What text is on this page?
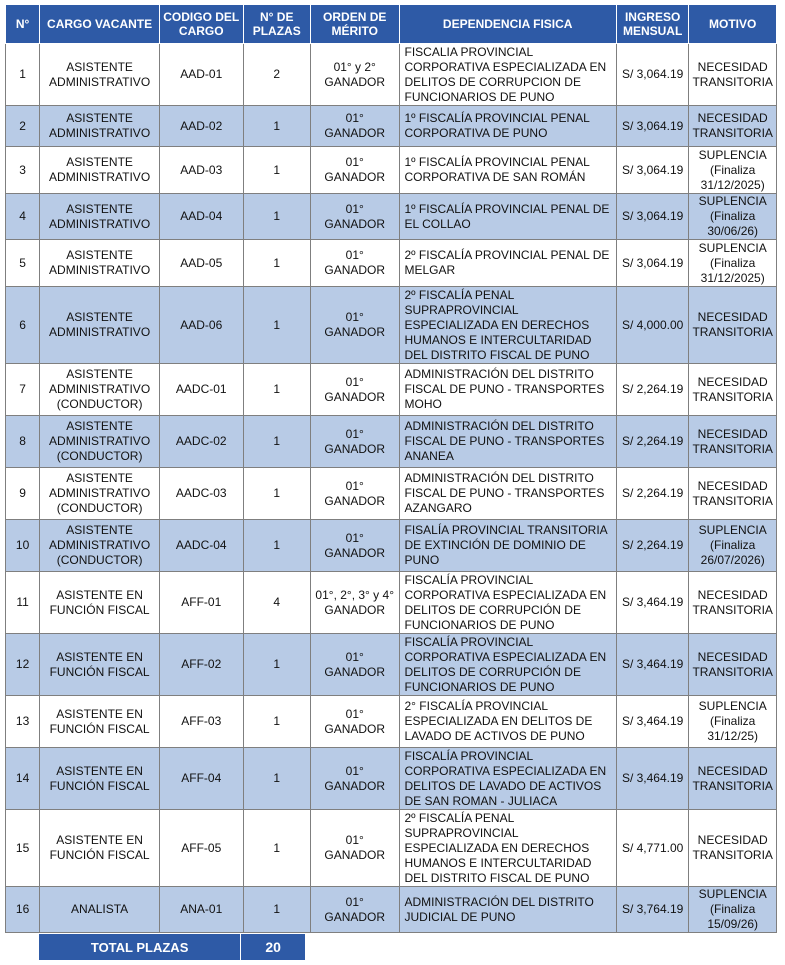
N°	CARGO VACANTE	CODIGO DEL CARGO	N° DE PLAZAS	ORDEN DE MÉRITO	DEPENDENCIA FISICA	INGRESO MENSUAL	MOTIVO
1	ASISTENTE ADMINISTRATIVO	AAD-01	2	01° y 2° GANADOR	FISCALIA PROVINCIAL CORPORATIVA ESPECIALIZADA EN DELITOS DE CORRUPCION DE FUNCIONARIOS DE PUNO	S/ 3,064.19	NECESIDAD TRANSITORIA
2	ASISTENTE ADMINISTRATIVO	AAD-02	1	01° GANADOR	1º FISCALÍA PROVINCIAL PENAL CORPORATIVA DE PUNO	S/ 3,064.19	NECESIDAD TRANSITORIA
3	ASISTENTE ADMINISTRATIVO	AAD-03	1	01° GANADOR	1º FISCALÍA PROVINCIAL PENAL CORPORATIVA DE SAN ROMÁN	S/ 3,064.19	SUPLENCIA (Finaliza 31/12/2025)
4	ASISTENTE ADMINISTRATIVO	AAD-04	1	01° GANADOR	1º FISCALÍA PROVINCIAL PENAL DE EL COLLAO	S/ 3,064.19	SUPLENCIA (Finaliza 30/06/26)
5	ASISTENTE ADMINISTRATIVO	AAD-05	1	01° GANADOR	2º FISCALÍA PROVINCIAL PENAL DE MELGAR	S/ 3,064.19	SUPLENCIA (Finaliza 31/12/2025)
6	ASISTENTE ADMINISTRATIVO	AAD-06	1	01° GANADOR	2º FISCALÍA PENAL SUPRAPROVINCIAL ESPECIALIZADA EN DERECHOS HUMANOS E INTERCULTARIDAD DEL DISTRITO FISCAL DE PUNO	S/ 4,000.00	NECESIDAD TRANSITORIA
7	ASISTENTE ADMINISTRATIVO (CONDUCTOR)	AADC-01	1	01° GANADOR	ADMINISTRACIÓN DEL DISTRITO FISCAL DE PUNO - TRANSPORTES MOHO	S/ 2,264.19	NECESIDAD TRANSITORIA
8	ASISTENTE ADMINISTRATIVO (CONDUCTOR)	AADC-02	1	01° GANADOR	ADMINISTRACIÓN DEL DISTRITO FISCAL DE PUNO - TRANSPORTES ANANEA	S/ 2,264.19	NECESIDAD TRANSITORIA
9	ASISTENTE ADMINISTRATIVO (CONDUCTOR)	AADC-03	1	01° GANADOR	ADMINISTRACIÓN DEL DISTRITO FISCAL DE PUNO - TRANSPORTES AZANGARO	S/ 2,264.19	NECESIDAD TRANSITORIA
10	ASISTENTE ADMINISTRATIVO (CONDUCTOR)	AADC-04	1	01° GANADOR	FISALÍA PROVINCIAL TRANSITORIA DE EXTINCIÓN DE DOMINIO DE PUNO	S/ 2,264.19	SUPLENCIA (Finaliza 26/07/2026)
11	ASISTENTE EN FUNCIÓN FISCAL	AFF-01	4	01°, 2°, 3° y 4° GANADOR	FISCALÍA PROVINCIAL CORPORATIVA ESPECIALIZADA EN DELITOS DE CORRUPCIÓN DE FUNCIONARIOS DE PUNO	S/ 3,464.19	NECESIDAD TRANSITORIA
12	ASISTENTE EN FUNCIÓN FISCAL	AFF-02	1	01° GANADOR	FISCALÍA PROVINCIAL CORPORATIVA ESPECIALIZADA EN DELITOS DE CORRUPCIÓN DE FUNCIONARIOS DE PUNO	S/ 3,464.19	NECESIDAD TRANSITORIA
13	ASISTENTE EN FUNCIÓN FISCAL	AFF-03	1	01° GANADOR	2° FISCALÍA PROVINCIAL ESPECIALIZADA EN DELITOS DE LAVADO DE ACTIVOS DE PUNO	S/ 3,464.19	SUPLENCIA (Finaliza 31/12/25)
14	ASISTENTE EN FUNCIÓN FISCAL	AFF-04	1	01° GANADOR	FISCALÍA PROVINCIAL CORPORATIVA ESPECIALIZADA EN DELITOS DE LAVADO DE ACTIVOS DE SAN ROMAN - JULIACA	S/ 3,464.19	NECESIDAD TRANSITORIA
15	ASISTENTE EN FUNCIÓN FISCAL	AFF-05	1	01° GANADOR	2º FISCALÍA PENAL SUPRAPROVINCIAL ESPECIALIZADA EN DERECHOS HUMANOS E INTERCULTARIDAD DEL DISTRITO FISCAL DE PUNO	S/ 4,771.00	NECESIDAD TRANSITORIA
16	ANALISTA	ANA-01	1	01° GANADOR	ADMINISTRACIÓN DEL DISTRITO JUDICIAL DE PUNO	S/ 3,764.19	SUPLENCIA (Finaliza 15/09/26)
TOTAL PLAZAS	20
